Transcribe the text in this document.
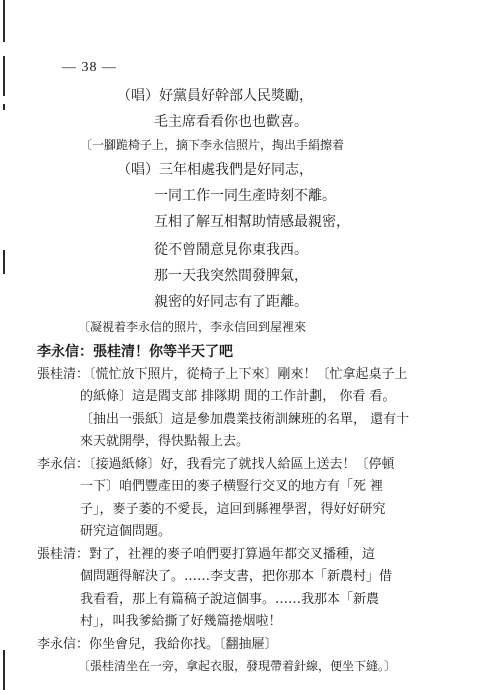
— 38 —
（唱）好黨員好幹部人民獎勵，
毛主席看看你也也歡喜。
〔一腳跪椅子上，摘下李永信照片，掏出手絹擦着
（唱）三年相處我們是好同志，
一同工作一同生產時刻不離。
互相了解互相幫助情感最親密，
從不曾鬧意見你東我西。
那一天我突然間發脾氣，
親密的好同志有了距離。
〔凝視着李永信的照片，李永信回到屋裡來
李永信：張桂清！你等半天了吧
張桂清：〔慌忙放下照片，從椅子上下來〕剛來！〔忙拿起桌子上
的紙條〕這是閻支部 排隊期 閒的工作計劃， 你看 看。
〔抽出一張紙〕這是參加農業技術訓練班的名單， 還有十
來天就開學，得快點報上去。
李永信：〔接過紙條〕好，我看完了就找人給區上送去！〔停頓
一下〕咱們豐產田的麥子横豎行交叉的地方有「死 裡
子」，麥子萎的不愛長，這回到縣裡學習，得好好研究
研究這個問題。
張桂清：對了，社裡的麥子咱們要打算過年都交叉播種，這
個問題得解決了。……李支書，把你那本「新農村」借
我看看，那上有篇稿子說這個事。……我那本「新農
村」，叫我爹給撕了好幾篇捲烟啦！
李永信：你坐會兒，我給你找。〔翻抽屜〕
〔張桂清坐在一旁，拿起衣服，發現帶着針線，便坐下縫。〕
